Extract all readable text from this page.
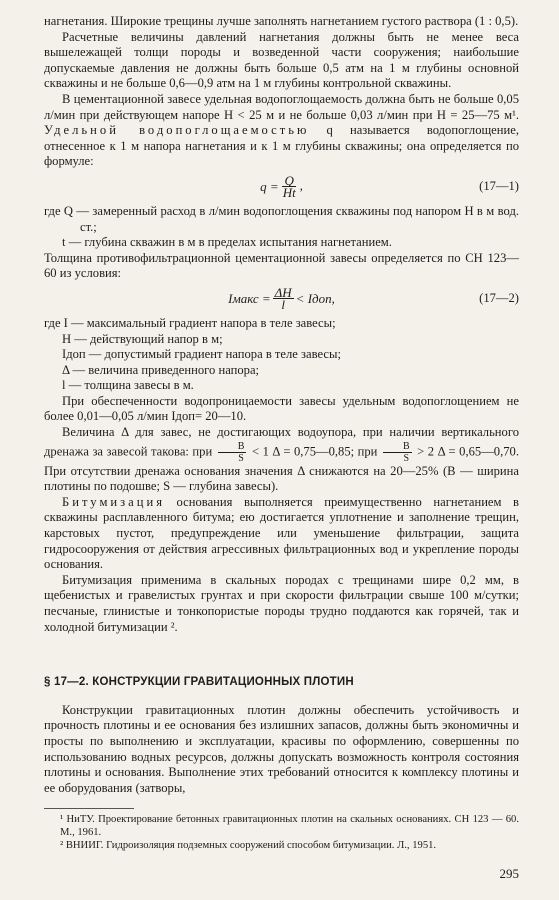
нагнетания. Широкие трещины лучше заполнять нагнетанием густого раствора (1 : 0,5).

Расчетные величины давлений нагнетания должны быть не менее веса вышележащей толщи породы и возведенной части сооружения; наибольшие допускаемые давления не должны быть больше 0,5 атм на 1 м глубины основной скважины и не больше 0,6—0,9 атм на 1 м глубины контрольной скважины.

В цементационной завесе удельная водопоглощаемость должна быть не больше 0,05 л/мин при действующем напоре H < 25 м и не больше 0,03 л/мин при H = 25—75 м¹. Удельной водопоглощаемостью q называется водопоглощение, отнесенное к 1 м напора нагнетания и к 1 м глубины скважины; она определяется по формуле:

$q = \frac{Q}{Ht}$ ,	(17—1)

где Q — замеренный расход в л/мин водопоглощения скважины под напором H в м вод. ст.;

t — глубина скважин в м в пределах испытания нагнетанием.

Толщина противофильтрационной цементационной завесы определяется по СН 123—60 из условия:

Iмакс = $\frac{\Delta H}{l}$ < Iдоп,	(17—2)

где I — максимальный градиент напора в теле завесы;

H — действующий напор в м;

Iдоп — допустимый градиент напора в теле завесы;

Δ — величина приведенного напора;

l — толщина завесы в м.

При обеспеченности водопроницаемости завесы удельным водопоглощением не более 0,01—0,05 л/мин Iдоп= 20—10.

Величина Δ для завес, не достигающих водоупора, при наличии вертикального дренажа за завесой такова: при $\frac{B}{S} < 1$ Δ = 0,75—0,85; при $\frac{B}{S} > 2$ Δ = 0,65—0,70. При отсутствии дренажа основания значения Δ снижаются на 20—25% (B — ширина плотины по подошве; S — глубина завесы).

Битумизация основания выполняется преимущественно нагнетанием в скважины расплавленного битума; ею достигается уплотнение и заполнение трещин, карстовых пустот, предупреждение или уменьшение фильтрации, защита гидросооружения от действия агрессивных фильтрационных вод и укрепление породы основания.

Битумизация применима в скальных породах с трещинами шире 0,2 мм, в щебенистых и гравелистых грунтах и при скорости фильтрации свыше 100 м/сутки; песчаные, глинистые и тонкопористые породы трудно поддаются как горячей, так и холодной битумизации ².

§ 17—2. КОНСТРУКЦИИ ГРАВИТАЦИОННЫХ ПЛОТИН

Конструкции гравитационных плотин должны обеспечить устойчивость и прочность плотины и ее основания без излишних запасов, должны быть экономичны и просты по выполнению и эксплуатации, красивы по оформлению, совершенны по использованию водных ресурсов, должны допускать возможность контроля состояния плотины и основания. Выполнение этих требований относится к комплексу плотины и ее оборудования (затворы,

¹ НиТУ. Проектирование бетонных гравитационных плотин на скальных основаниях. СН 123 — 60. М., 1961.

² ВНИИГ. Гидроизоляция подземных сооружений способом битумизации. Л., 1951.

295
